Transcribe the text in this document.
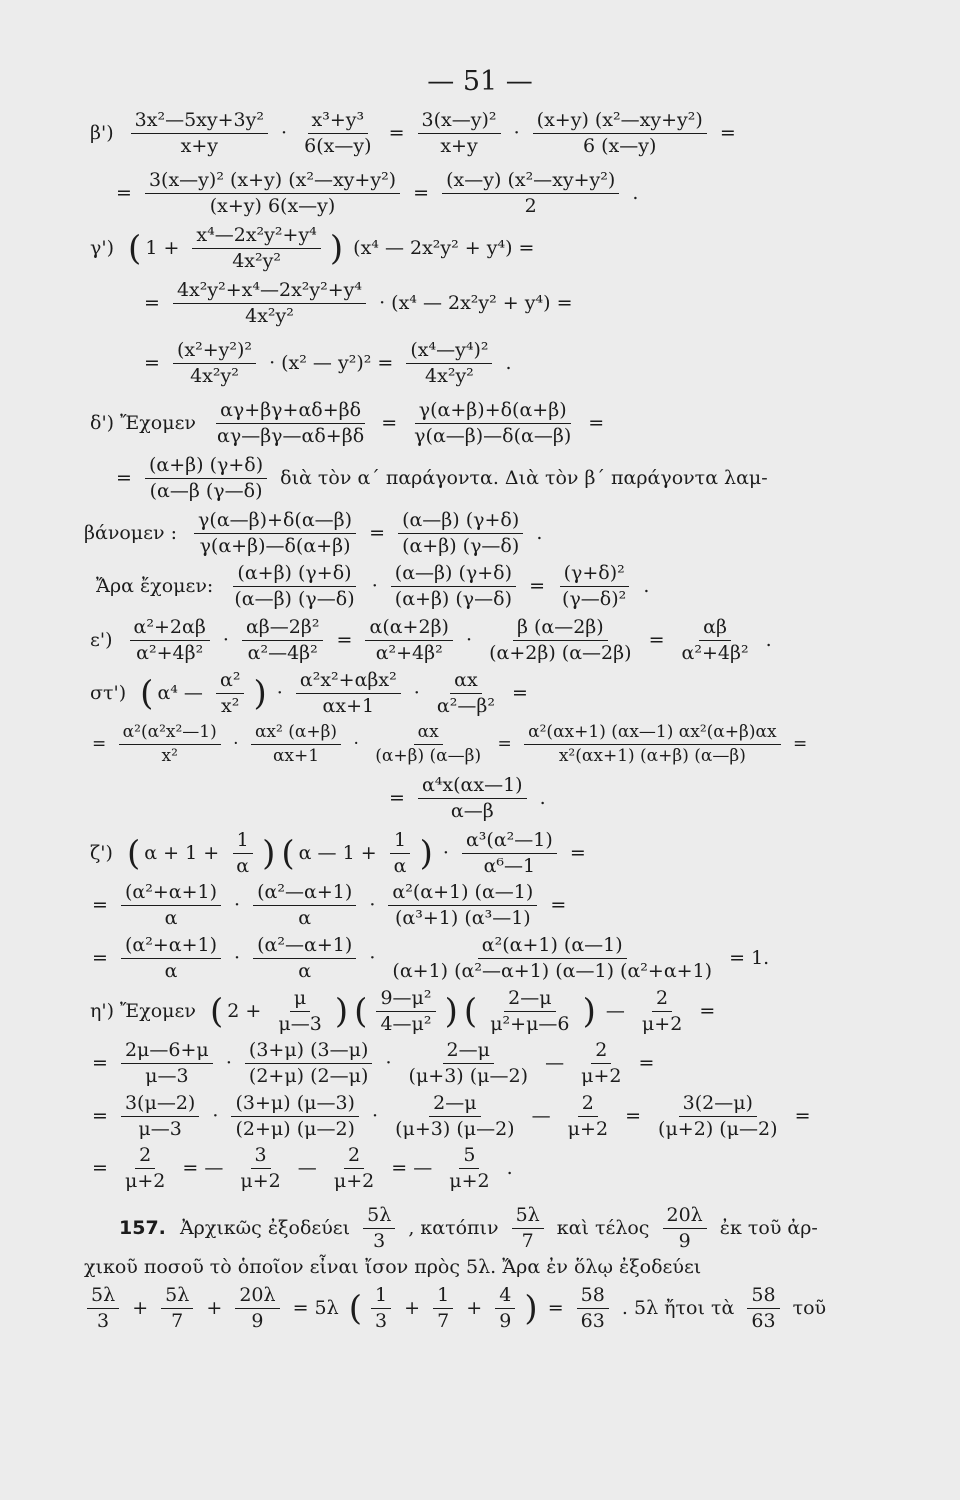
— 51 —
$\beta') \frac{\text{3x²—5xy+3y²}}{x+y} \cdot \frac{\text{x³+y³}}{6(x—y)} = \frac{\text{3(x—y)²}}{x+y} \cdot \frac{\text{(x+y) (x²—xy+y²)}}{6 (x—y)}$ =
= $\frac{\text{3(x—y)² (x+y) (x²—xy+y²)}}{(x+y) 6(x—y)} = \frac{\text{(x—y) (x²—xy+y²)}}{2}$ .
γ') ( $1 + \frac{\text{x⁴—2x²y²+y⁴}}{\text{4x²y²}}$ ) (x⁴ — 2x²y² + y⁴) =
= $\frac{\text{4x²y²+x⁴—2x²y²+y⁴}}{\text{4x²y²}} \cdot (x^4$ — 2x²y² + y⁴) =
= $\frac{\text{(x²+y²)²}}{\text{4x²y²}} \cdot (x^2$ — $y^2)^2 = \frac{\text{(x⁴—y⁴)²}}{\text{4x²y²}}$ .
δ') Ἔχομεν $\frac{\alpha\gamma+\beta\gamma+\alpha\delta+\beta\delta}{\alpha\gamma—\beta\gamma—\alpha\delta+\beta\delta} = \frac{\gamma(\alpha+\beta)+\delta(\alpha+\beta)}{\gamma(\alpha—\beta)—\delta(\alpha—\beta)}$ =
= $\frac{(\alpha+\beta) (\gamma+\delta)}{(\alpha—\beta (\gamma—\delta)}$ διὰ τὸν α΄ παράγοντα. Διὰ τὸν β΄ παράγοντα λαμ-
βάνομεν : $\frac{\gamma(\alpha—\beta)+\delta(\alpha—\beta)}{\gamma(\alpha+\beta)—\delta(\alpha+\beta)} = \frac{(\alpha—\beta) (\gamma+\delta)}{(\alpha+\beta) (\gamma—\delta)}$ .
Ἄρα ἔχομεν: $\frac{(\alpha+\beta) (\gamma+\delta)}{(\alpha—\beta) (\gamma—\delta)} \cdot \frac{(\alpha—\beta) (\gamma+\delta)}{(\alpha+\beta) (\gamma—\delta)} = \frac{\text{(γ+δ)²}}{\text{(γ—δ)²}}$ .
$\varepsilon') \frac{\text{α²+2αβ}}{\text{α²+4β²}} \cdot \frac{\text{αβ—2β²}}{\text{α²—4β²}} = \frac{\alpha(\alpha+2\beta)}{\text{α²+4β²}} \cdot \frac{\beta (\alpha—2\beta)}{(\alpha+2\beta) (\alpha—2\beta)} = \frac{\alpha\beta}{\text{α²+4β²}}$ .
στ') ( α⁴ — $\frac{\text{α²}}{\text{x²}}$ ) ·
α²x²+αβx²
αx+1
· $\frac{\alpha x}{\text{α²—β²}}$ =
= $\frac{\text{α²(α²x²—1)}}{\text{x²}} \cdot \frac{\text{αx² (α+β)}}{\alpha x+1} \cdot \frac{\alpha x}{(\alpha+\beta) (\alpha—\beta)} = \frac{\text{α²(αx+1) (αx—1) αx²(α+β)αx}}{\text{x²(αx+1) (α+β) (α—β)}}$ =
= $\frac{\text{α⁴x(αx—1)}}{\alpha—\beta}$ .
ζ') ( $\alpha + 1 + \frac{1}{\alpha}$ ) ( α — $1 + \frac{1}{\alpha}$ ) · $\frac{\text{α³(α²—1)}}{\text{α⁶—1}}$ =
= $\frac{\text{(α²+α+1)}}{\alpha} \cdot \frac{\text{(α²—α+1)}}{\alpha} \cdot \frac{\text{α²(α+1) (α—1)}}{\text{(α³+1) (α³—1)}}$ =
= $\frac{\text{(α²+α+1)}}{\alpha} \cdot \frac{\text{(α²—α+1)}}{\alpha} \cdot \frac{\text{α²(α+1) (α—1)}}{\text{(α+1) (α²—α+1) (α—1) (α²+α+1)}} = 1$.
η') Ἔχομεν ( $2 + \frac{\mu}{\mu—3}$ ) ( $\frac{\text{9—μ²}}{\text{4—μ²}}$ ) ( $\frac{2—\mu}{\text{μ²+μ—6}}$ ) — $\frac{2}{\mu+2}$ =
= $\frac{2\mu—6+\mu}{\mu—3} \cdot \frac{(3+\mu) (3—\mu)}{(2+\mu) (2—\mu)} \cdot \frac{2—\mu}{(\mu+3) (\mu—2)}$ — $\frac{2}{\mu+2}$ =
= $\frac{3(\mu—2)}{\mu—3} \cdot \frac{(3+\mu) (\mu—3)}{(2+\mu) (\mu—2)} \cdot \frac{2—\mu}{(\mu+3) (\mu—2)}$ — $\frac{2}{\mu+2} = \frac{3(2—\mu)}{(\mu+2) (\mu—2)}$ =
= $\frac{2}{\mu+2}$ = — $\frac{3}{\mu+2}$ — $\frac{2}{\mu+2}$ = — $\frac{5}{\mu+2}$ .
157. Ἀρχικῶς ἐξοδεύει $\frac{5\lambda}{3}$ , κατόπιν $\frac{5\lambda}{7}$ καὶ τέλος $\frac{20\lambda}{9}$ ἐκ τοῦ ἀρ-
χικοῦ ποσοῦ τὸ ὁποῖον εἶναι ἴσον πρὸς 5λ. Ἄρα ἐν ὅλῳ ἐξοδεύει
$\frac{5\lambda}{3} + \frac{5\lambda}{7} + \frac{20\lambda}{9} = 5\lambda$ ( $\frac{1}{3} + \frac{1}{7} + \frac{4}{9}$ ) = $\frac{58}{63}$ . 5λ ἤτοι τὰ $\frac{58}{63}$ τοῦ
